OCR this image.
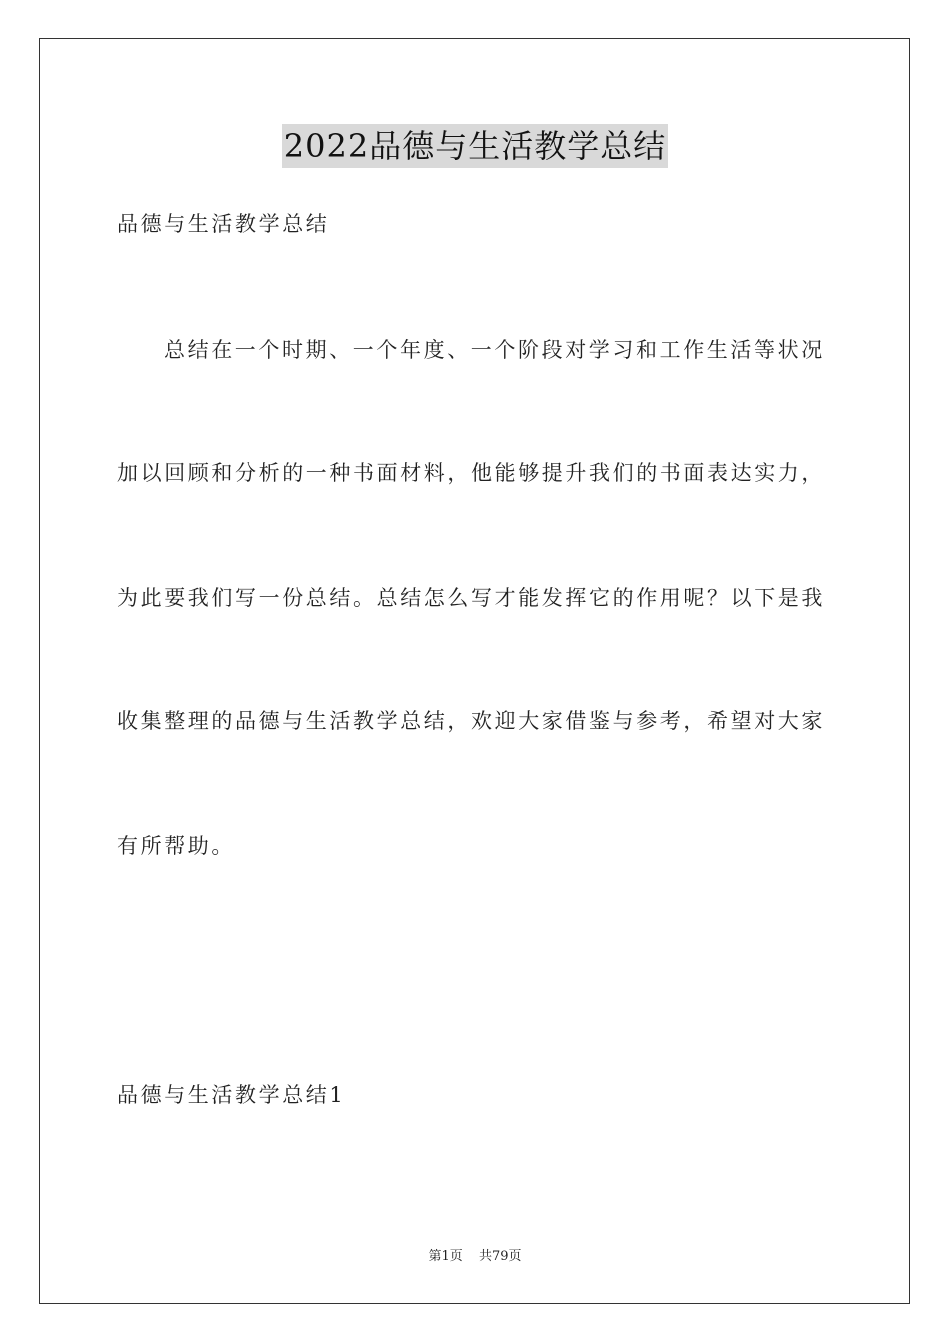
2022品德与生活教学总结
品德与生活教学总结
总结在一个时期、一个年度、一个阶段对学习和工作生活等状况
加以回顾和分析的一种书面材料，他能够提升我们的书面表达实力，
为此要我们写一份总结。总结怎么写才能发挥它的作用呢？以下是我
收集整理的品德与生活教学总结，欢迎大家借鉴与参考，希望对大家
有所帮助。
品德与生活教学总结1
第1页 共79页
